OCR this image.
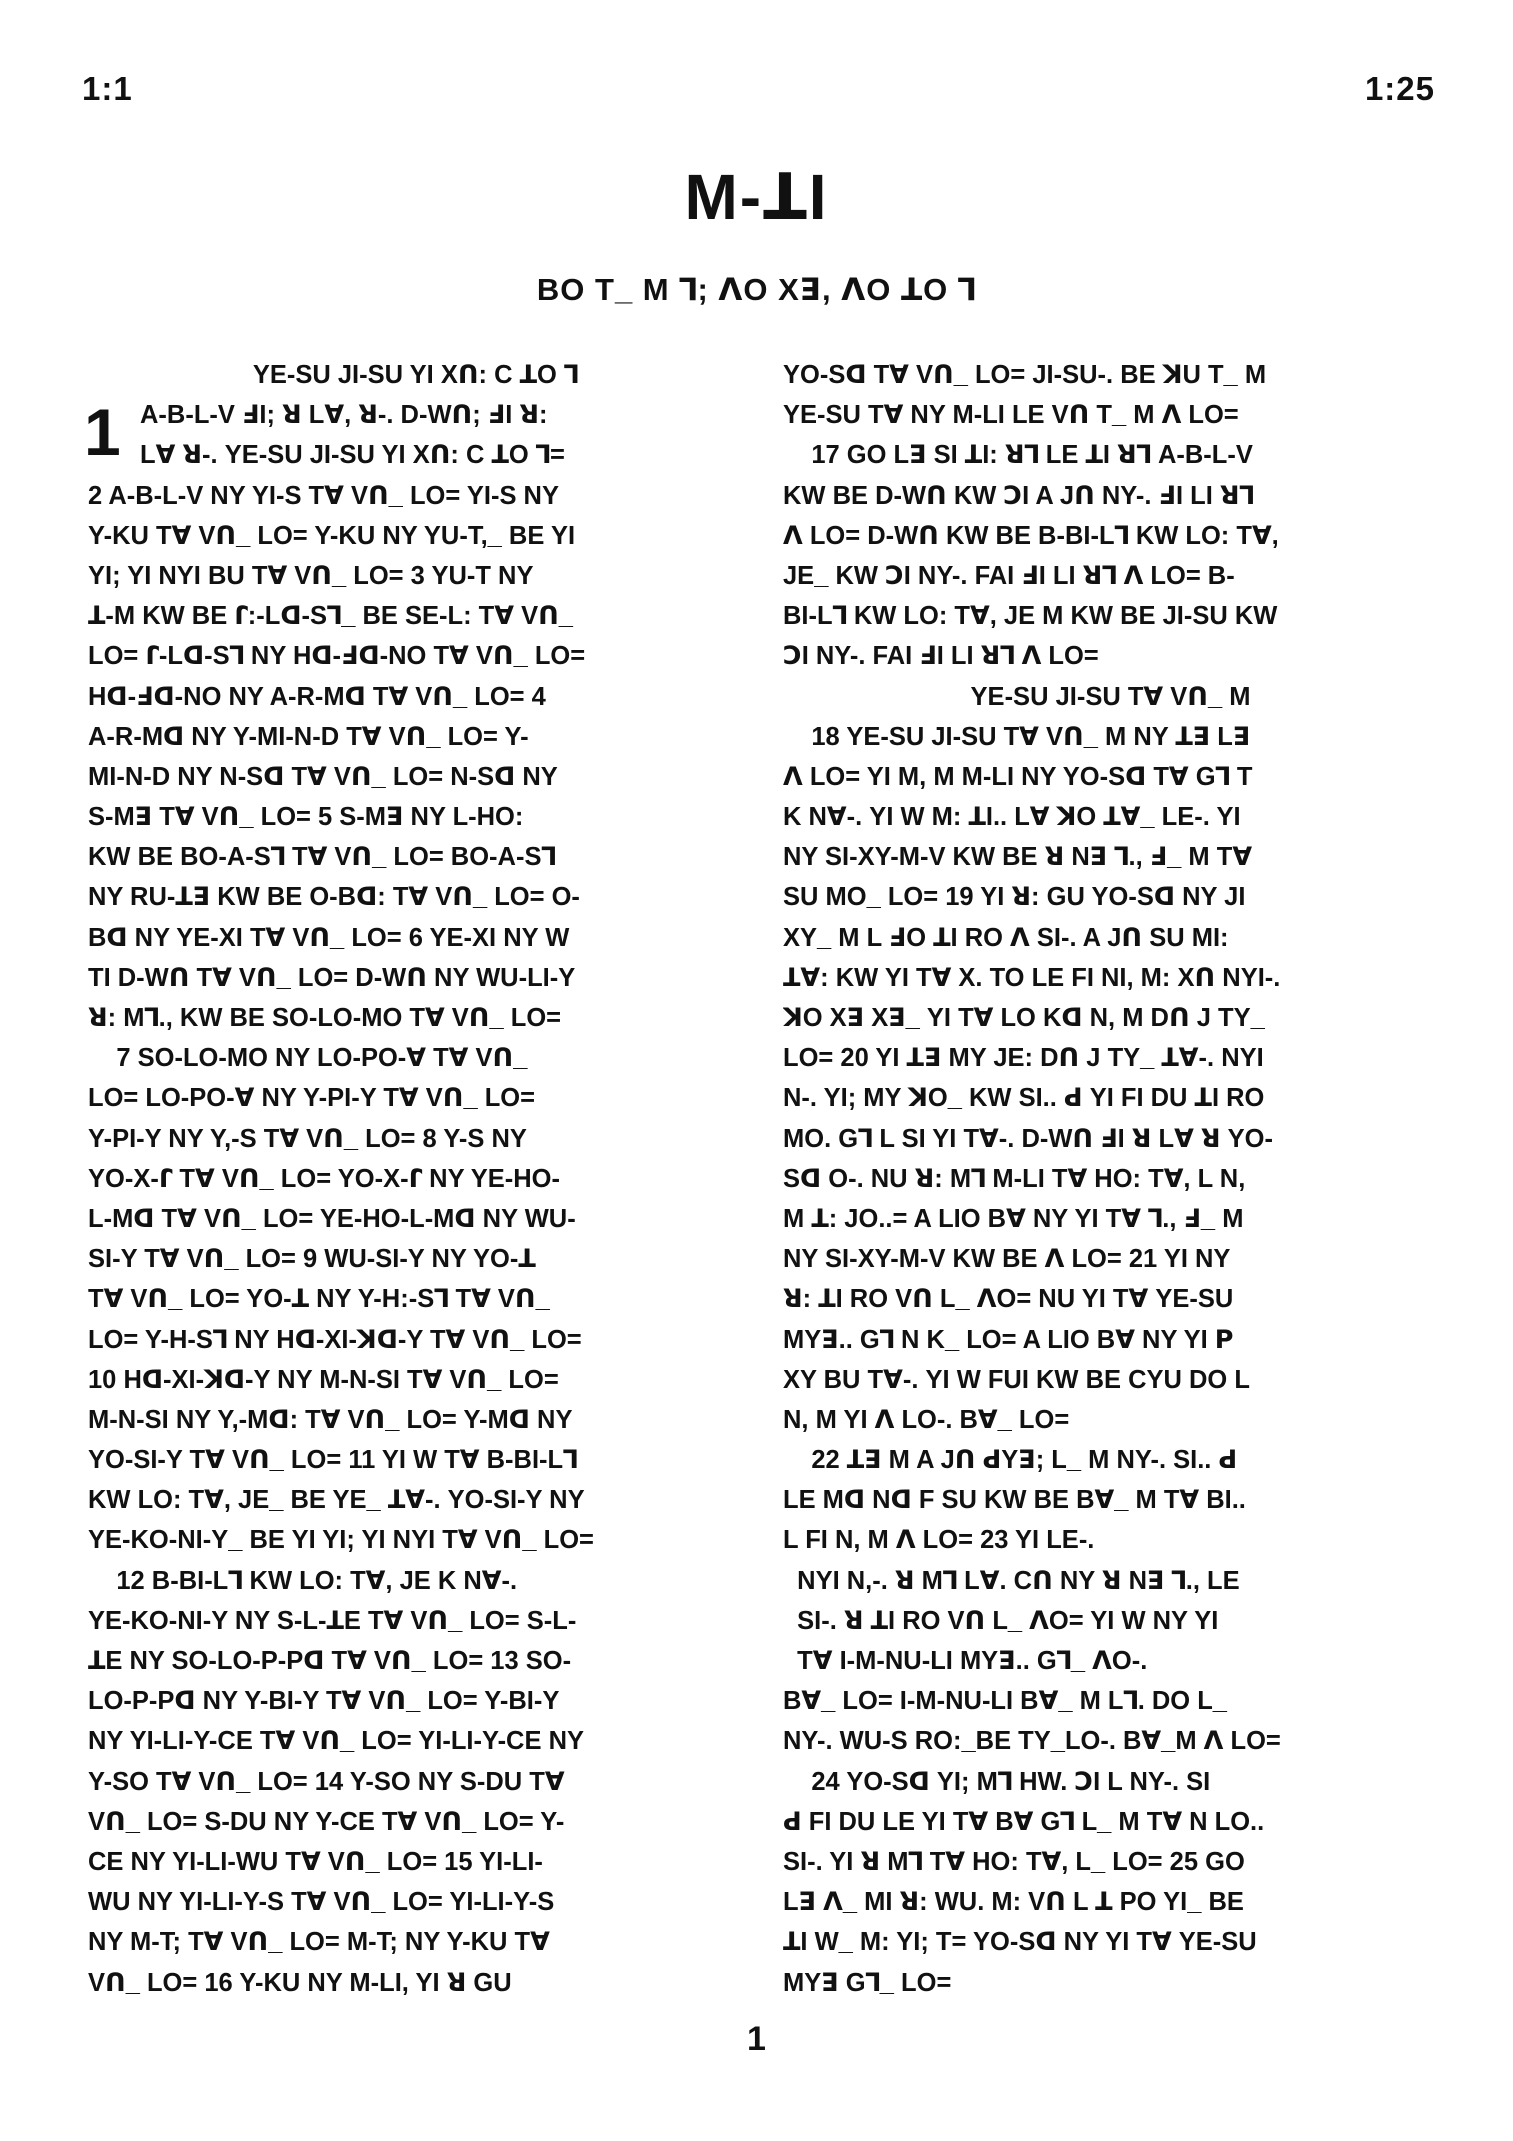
1:1	1:25
M-ꓕI
BO T_ M ꓶ; ꓥO Xꓱ, ꓥO ꓕO ꓶ
YE-SU JI-SU YI Xꓵ: C ꓕO ꓶ
1 A-B-L-V ꓞI; ꓤ Lꓯ, ꓤ-. D-Wꓵ; ꓞI ꓤ:
Lꓯ ꓤ-. YE-SU JI-SU YI Xꓵ: C ꓕO ꓶ=
2 A-B-L-V NY YI-S Tꓯ Vꓵ_ LO= YI-S NY
Y-KU Tꓯ Vꓵ_ LO= Y-KU NY YU-T,_ BE YI
YI; YI NYI BU Tꓯ Vꓵ_ LO= 3 YU-T NY
ꓕ-M KW BE ꓩ:-Lꓷ-Sꓶ_ BE SE-L: Tꓯ Vꓵ_
LO= ꓩ-Lꓷ-Sꓶ NY Hꓷ-ꓞꓷ-NO Tꓯ Vꓵ_ LO=
Hꓷ-ꓞꓷ-NO NY A-R-Mꓷ Tꓯ Vꓵ_ LO= 4
A-R-Mꓷ NY Y-MI-N-D Tꓯ Vꓵ_ LO= Y-
MI-N-D NY N-Sꓷ Tꓯ Vꓵ_ LO= N-Sꓷ NY
S-Mꓱ Tꓯ Vꓵ_ LO= 5 S-Mꓱ NY L-HO:
KW BE BO-A-Sꓶ Tꓯ Vꓵ_ LO= BO-A-Sꓶ
NY RU-ꓕꓱ KW BE O-Bꓷ: Tꓯ Vꓵ_ LO= O-
Bꓷ NY YE-XI Tꓯ Vꓵ_ LO= 6 YE-XI NY W
TI D-Wꓵ Tꓯ Vꓵ_ LO= D-Wꓵ NY WU-LI-Y
ꓤ: Mꓶ., KW BE SO-LO-MO Tꓯ Vꓵ_ LO=
7 SO-LO-MO NY LO-PO-ꓯ Tꓯ Vꓵ_
LO= LO-PO-ꓯ NY Y-PI-Y Tꓯ Vꓵ_ LO=
Y-PI-Y NY Y,-S Tꓯ Vꓵ_ LO= 8 Y-S NY
YO-X-ꓩ Tꓯ Vꓵ_ LO= YO-X-ꓩ NY YE-HO-
L-Mꓷ Tꓯ Vꓵ_ LO= YE-HO-L-Mꓷ NY WU-
SI-Y Tꓯ Vꓵ_ LO= 9 WU-SI-Y NY YO-ꓕ
Tꓯ Vꓵ_ LO= YO-ꓕ NY Y-H:-Sꓶ Tꓯ Vꓵ_
LO= Y-H-Sꓶ NY Hꓷ-XI-ꓘꓷ-Y Tꓯ Vꓵ_ LO=
10 Hꓷ-XI-ꓘꓷ-Y NY M-N-SI Tꓯ Vꓵ_ LO=
M-N-SI NY Y,-Mꓷ: Tꓯ Vꓵ_ LO= Y-Mꓷ NY
YO-SI-Y Tꓯ Vꓵ_ LO= 11 YI W Tꓯ B-BI-Lꓶ
KW LO: Tꓯ, JE_ BE YE_ ꓕꓯ-. YO-SI-Y NY
YE-KO-NI-Y_ BE YI YI; YI NYI Tꓯ Vꓵ_ LO=
12 B-BI-Lꓶ KW LO: Tꓯ, JE K Nꓯ-.
YE-KO-NI-Y NY S-L-ꓕE Tꓯ Vꓵ_ LO= S-L-
ꓕE NY SO-LO-P-Pꓷ Tꓯ Vꓵ_ LO= 13 SO-
LO-P-Pꓷ NY Y-BI-Y Tꓯ Vꓵ_ LO= Y-BI-Y
NY YI-LI-Y-CE Tꓯ Vꓵ_ LO= YI-LI-Y-CE NY
Y-SO Tꓯ Vꓵ_ LO= 14 Y-SO NY S-DU Tꓯ
Vꓵ_ LO= S-DU NY Y-CE Tꓯ Vꓵ_ LO= Y-
CE NY YI-LI-WU Tꓯ Vꓵ_ LO= 15 YI-LI-
WU NY YI-LI-Y-S Tꓯ Vꓵ_ LO= YI-LI-Y-S
NY M-T; Tꓯ Vꓵ_ LO= M-T; NY Y-KU Tꓯ
Vꓵ_ LO= 16 Y-KU NY M-LI, YI ꓤ GU
YO-Sꓷ Tꓯ Vꓵ_ LO= JI-SU-. BE ꓘU T_ M
YE-SU Tꓯ NY M-LI LE Vꓵ T_ M ꓥ LO=
17 GO Lꓱ SI ꓕI: ꓤꓶ LE ꓕI ꓤꓶ A-B-L-V
KW BE D-Wꓵ KW ꓛI A Jꓵ NY-. ꓞI LI ꓤꓶ
ꓥ LO= D-Wꓵ KW BE B-BI-Lꓶ KW LO: Tꓯ,
JE_ KW ꓛI NY-. FAI ꓞI LI ꓤꓶ ꓥ LO= B-
BI-Lꓶ KW LO: Tꓯ, JE M KW BE JI-SU KW
ꓛI NY-. FAI ꓞI LI ꓤꓶ ꓥ LO=
YE-SU JI-SU Tꓯ Vꓵ_ M
18 YE-SU JI-SU Tꓯ Vꓵ_ M NY ꓕꓱ Lꓱ
ꓥ LO= YI M, M M-LI NY YO-Sꓷ Tꓯ Gꓶ T
K Nꓯ-. YI W M: ꓕI.. Lꓯ ꓘO ꓕꓯ_ LE-. YI
NY SI-XY-M-V KW BE ꓤ Nꓱ ꓶ., ꓞ_ M Tꓯ
SU MO_ LO= 19 YI ꓤ: GU YO-Sꓷ NY JI
XY_ M L ꓞO ꓕI RO ꓥ SI-. A Jꓵ SU MI:
ꓕꓯ: KW YI Tꓯ X. TO LE FI NI, M: Xꓵ NYI-.
ꓘO Xꓱ Xꓱ_ YI Tꓯ LO Kꓷ N, M Dꓵ J TY_
LO= 20 YI ꓕꓱ MY JE: Dꓵ J TY_ ꓕꓯ-. NYI
N-. YI; MY ꓘO_ KW SI.. ꓒ YI FI DU ꓕI RO
MO. Gꓶ L SI YI Tꓯ-. D-Wꓵ ꓞI ꓤ Lꓯ ꓤ YO-
Sꓷ O-. NU ꓤ: Mꓶ M-LI Tꓯ HO: Tꓯ, L N,
M ꓕ: JO..= A LIO Bꓯ NY YI Tꓯ ꓶ., ꓞ_ M
NY SI-XY-M-V KW BE ꓥ LO= 21 YI NY
ꓤ: ꓕI RO Vꓵ L_ ꓥO= NU YI Tꓯ YE-SU
MYꓱ.. Gꓶ N K_ LO= A LIO Bꓯ NY YI ꓑ
XY BU Tꓯ-. YI W FUI KW BE CYU DO L
N, M YI ꓥ LO-. Bꓯ_ LO=
22 ꓕꓱ M A Jꓵ ꓒYꓱ; L_ M NY-. SI.. ꓒ
LE Mꓷ Nꓷ F SU KW BE Bꓯ_ M Tꓯ BI..
L FI N, M ꓥ LO= 23 YI LE-.
NYI N,-. ꓤ Mꓶ Lꓯ. Cꓵ NY ꓤ Nꓱ ꓶ., LE
SI-. ꓤ ꓕI RO Vꓵ L_ ꓥO= YI W NY YI
Tꓯ I-M-NU-LI MYꓱ.. Gꓶ_ ꓥO-.
Bꓯ_ LO= I-M-NU-LI Bꓯ_ M Lꓶ. DO L_
NY-. WU-S RO:_BE TY_LO-. Bꓯ_M ꓥ LO=
24 YO-Sꓷ YI; Mꓶ HW. ꓛI L NY-. SI
ꓒ FI DU LE YI Tꓯ Bꓯ Gꓶ L_ M Tꓯ N LO..
SI-. YI ꓤ Mꓶ Tꓯ HO: Tꓯ, L_ LO= 25 GO
Lꓱ ꓥ_ MI ꓤ: WU. M: Vꓵ L ꓕ PO YI_ BE
ꓕI W_ M: YI; T= YO-Sꓷ NY YI Tꓯ YE-SU
MYꓱ Gꓶ_ LO=
1
